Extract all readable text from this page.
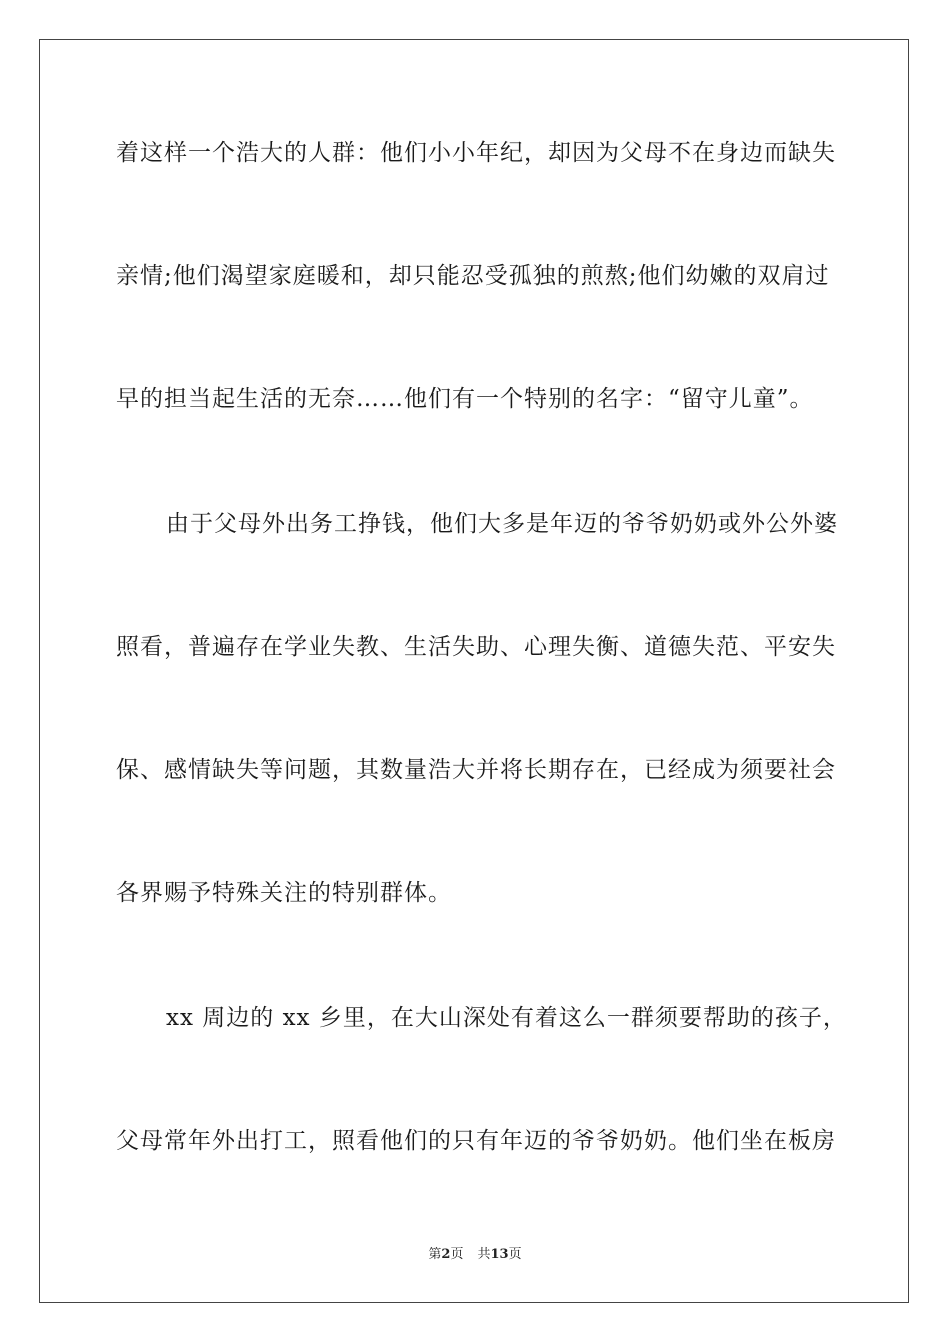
着这样一个浩大的人群：他们小小年纪，却因为父母不在身边而缺失
亲情;他们渴望家庭暖和，却只能忍受孤独的煎熬;他们幼嫩的双肩过
早的担当起生活的无奈……他们有一个特别的名字：“留守儿童”。
由于父母外出务工挣钱，他们大多是年迈的爷爷奶奶或外公外婆
照看，普遍存在学业失教、生活失助、心理失衡、道德失范、平安失
保、感情缺失等问题，其数量浩大并将长期存在，已经成为须要社会
各界赐予特殊关注的特别群体。
xx 周边的 xx 乡里，在大山深处有着这么一群须要帮助的孩子，
父母常年外出打工，照看他们的只有年迈的爷爷奶奶。他们坐在板房
第2页 共13页
